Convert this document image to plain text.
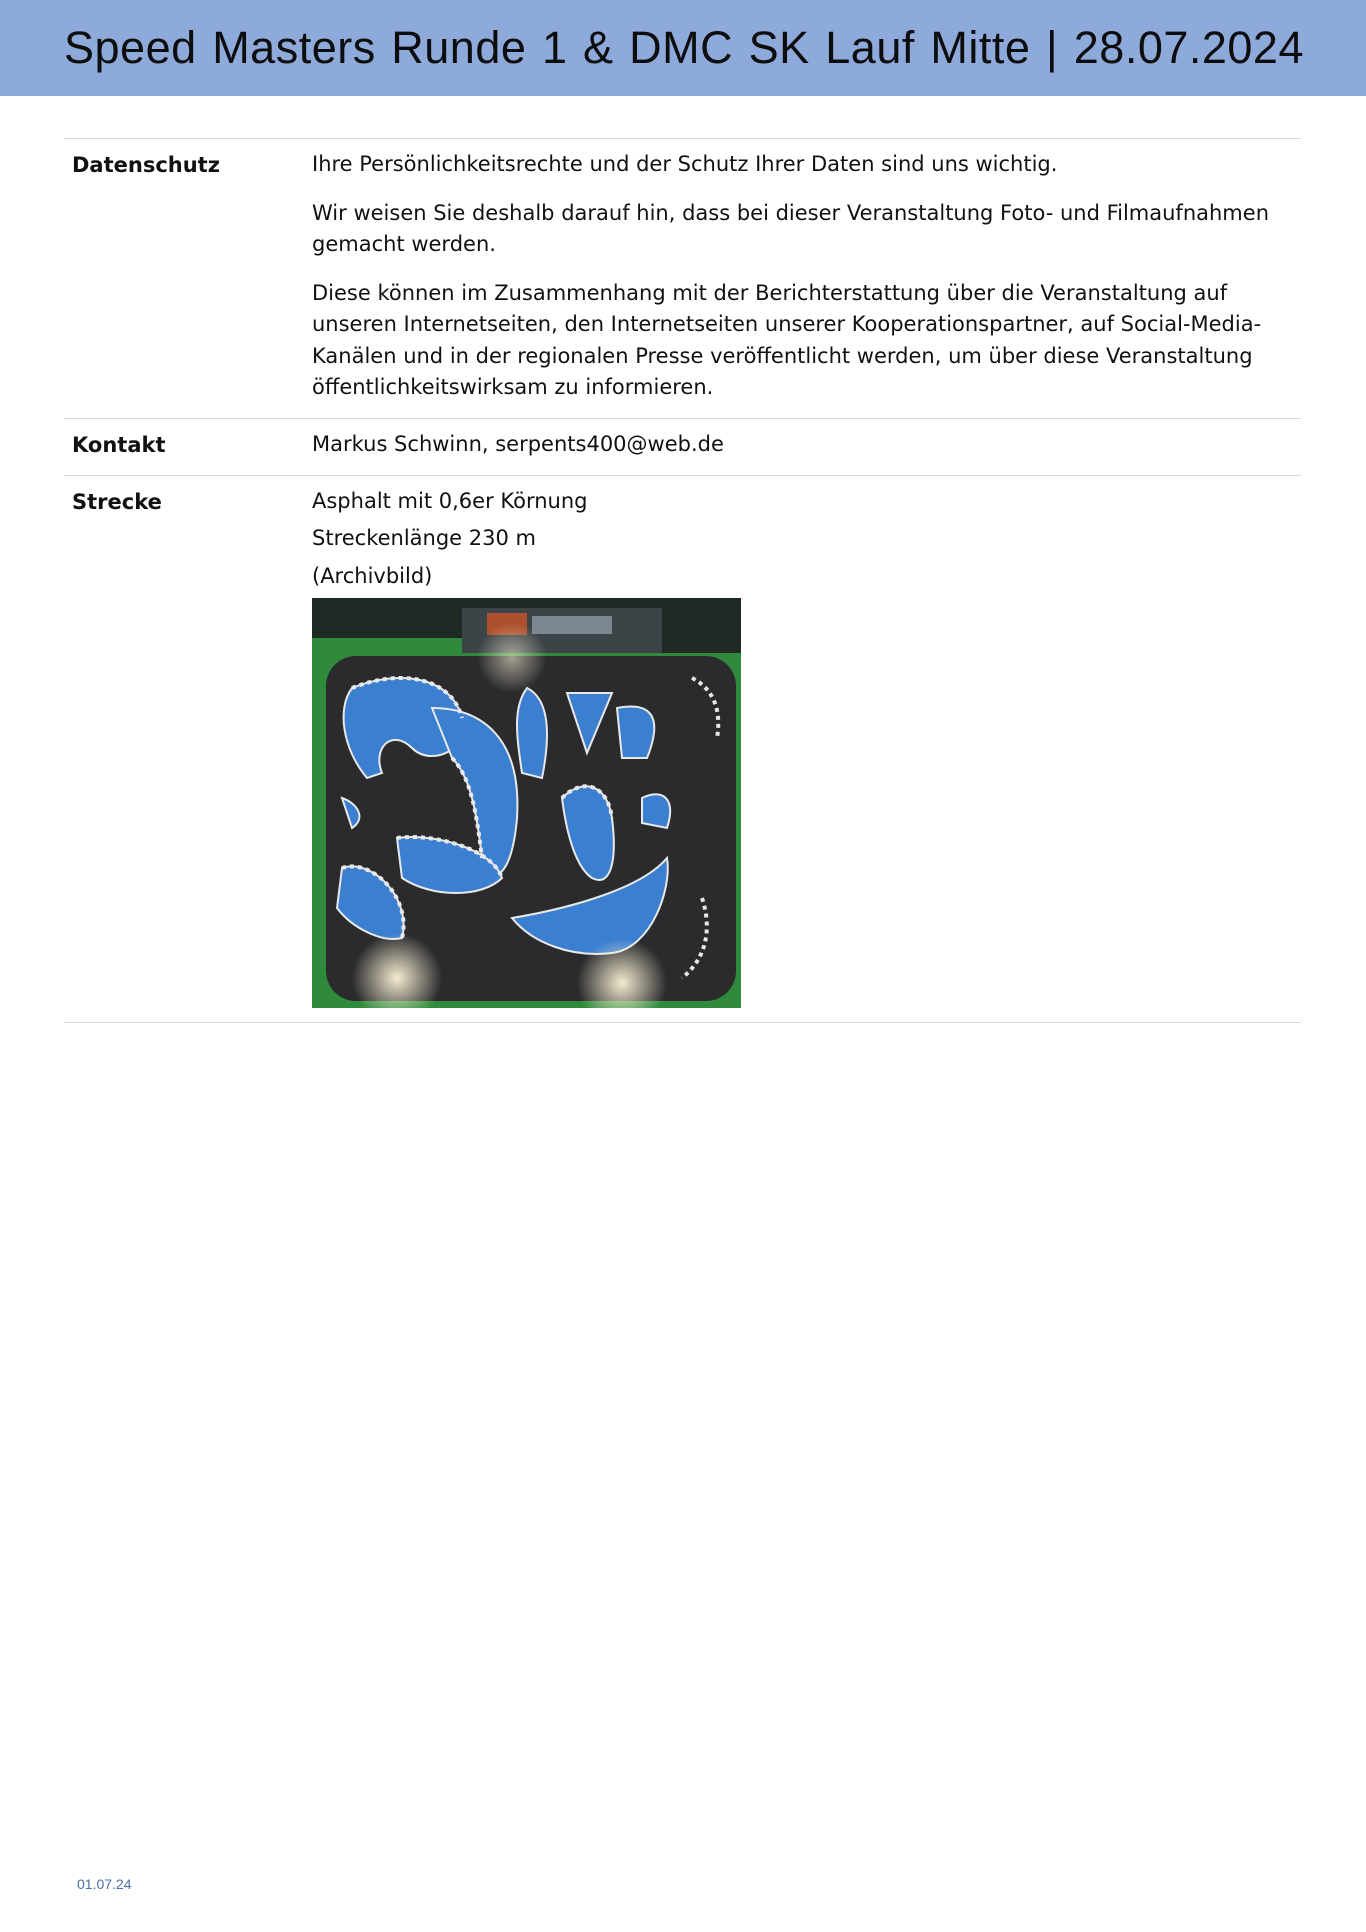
Speed Masters Runde 1 & DMC SK Lauf Mitte | 28.07.2024
Datenschutz	Ihre Persönlichkeitsrechte und der Schutz Ihrer Daten sind uns wichtig.

Wir weisen Sie deshalb darauf hin, dass bei dieser Veranstaltung Foto- und Filmaufnahmen gemacht werden.

Diese können im Zusammenhang mit der Berichterstattung über die Veranstaltung auf unseren Internetseiten, den Internetseiten unserer Kooperationspartner, auf Social-Media-Kanälen und in der regionalen Presse veröffentlicht werden, um über diese Veranstaltung öffentlichkeitswirksam zu informieren.

Kontakt	Markus Schwinn, serpents400@web.de
Strecke	Asphalt mit 0,6er Körnung
Streckenlänge 230 m
(Archivbild)
01.07.24
